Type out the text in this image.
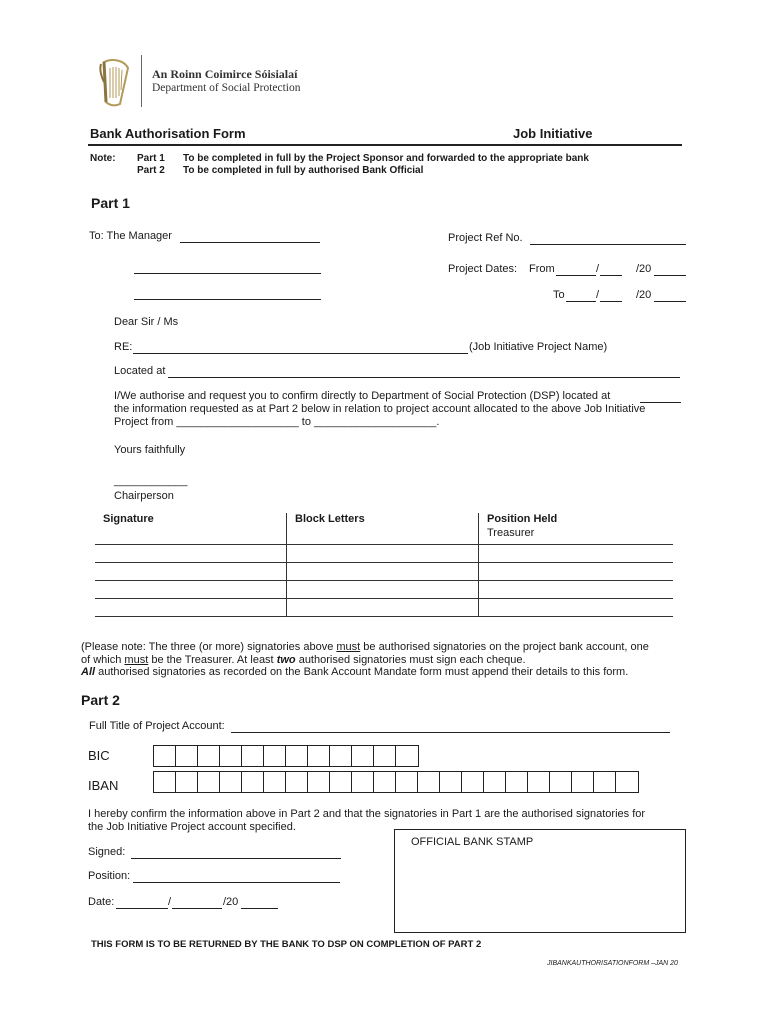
An Roinn Coimirce Sóisialaí
Department of Social Protection
Bank Authorisation Form	Job Initiative
Note: Part 1 To be completed in full by the Project Sponsor and forwarded to the appropriate bank
Part 2 To be completed in full by authorised Bank Official
Part 1
To: The Manager	Project Ref No.
Project Dates: From	/	/20
To	/	/20
Dear Sir / Ms
RE:	(Job Initiative Project Name)
Located at
I/We authorise and request you to confirm directly to Department of Social Protection (DSP) located at
the information requested as at Part 2 below in relation to project account allocated to the above Job Initiative
Project from ____________________ to ____________________.
Yours faithfully
____________
Chairperson
Signature	Block Letters	Position Held
		Treasurer

(Please note: The three (or more) signatories above must be authorised signatories on the project bank account, one
of which must be the Treasurer. At least two authorised signatories must sign each cheque.
All authorised signatories as recorded on the Bank Account Mandate form must append their details to this form.
Part 2
Full Title of Project Account:
BIC
IBAN
I hereby confirm the information above in Part 2 and that the signatories in Part 1 are the authorised signatories for
the Job Initiative Project account specified.
Signed:
Position:
Date:	/	/20
OFFICIAL BANK STAMP
THIS FORM IS TO BE RETURNED BY THE BANK TO DSP ON COMPLETION OF PART 2
JIBANKAUTHORISATIONFORM –JAN 20
